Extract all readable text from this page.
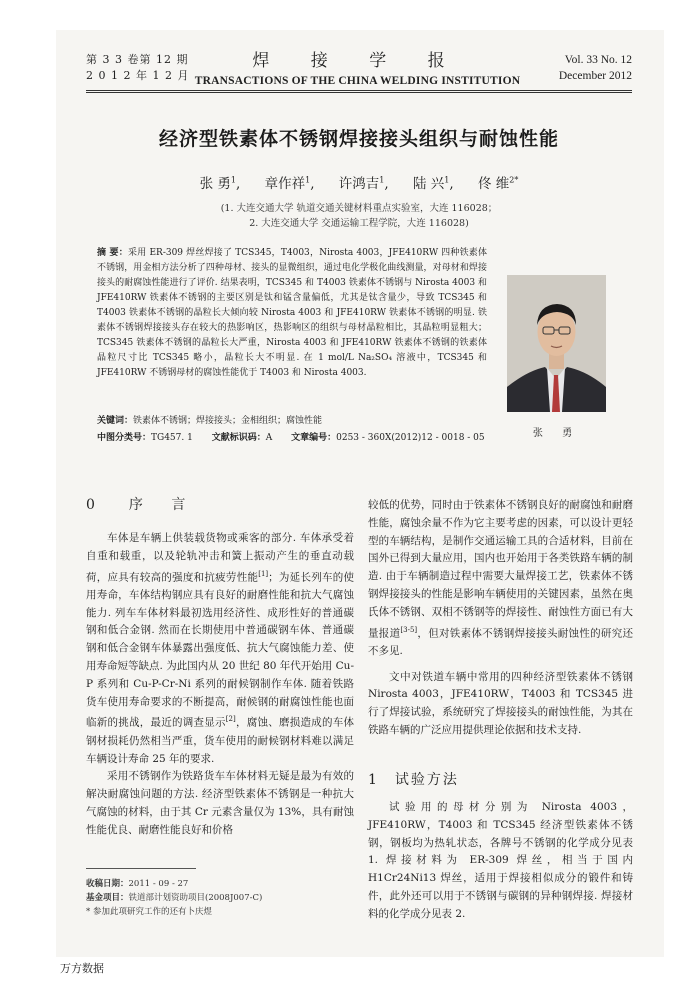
第 3 3 卷第 12 期
2 0 1 2 年 1 2 月
焊 接 学 报
TRANSACTIONS OF THE CHINA WELDING INSTITUTION
Vol. 33 No. 12
December 2012
经济型铁素体不锈钢焊接接头组织与耐蚀性能
张 勇$^1$, 章作祥$^1$, 许鸿吉$^1$, 陆 兴$^1$, 佟 维$^{2*}$
(1. 大连交通大学 轨道交通关键材料重点实验室，大连 116028；
2. 大连交通大学 交通运输工程学院，大连 116028)
摘 要：采用 ER-309 焊丝焊接了 TCS345，T4003，Nirosta 4003，JFE410RW 四种铁素体不锈钢，用金相方法分析了四种母材、接头的显微组织，通过电化学极化曲线测量，对母材和焊接接头的耐腐蚀性能进行了评价. 结果表明，TCS345 和 T4003 铁素体不锈钢与 Nirosta 4003 和 JFE410RW 铁素体不锈钢的主要区别是钛和锰含量偏低，尤其是钛含量少，导致 TCS345 和 T4003 铁素体不锈钢的晶粒长大倾向较 Nirosta 4003 和 JFE410RW 铁素体不锈钢的明显. 铁素体不锈钢焊接接头存在较大的热影响区，热影响区的组织与母材晶粒相比，其晶粒明显粗大；TCS345 铁素体不锈钢的晶粒长大严重，Nirosta 4003 和 JFE410RW 铁素体不锈钢的铁素体晶粒尺寸比 TCS345 略小，晶粒长大不明显. 在 1 mol/L Na₂SO₄ 溶液中，TCS345 和 JFE410RW 不锈钢母材的腐蚀性能优于 T4003 和 Nirosta 4003.
关键词：铁素体不锈钢；焊接接头；金相组织；腐蚀性能
中图分类号：TG457. 1 文献标识码：A 文章编号：0253 - 360X(2012)12 - 0018 - 05	张 勇
0 序 言

车体是车辆上供装载货物或乘客的部分. 车体承受着自重和载重，以及轮轨冲击和簧上振动产生的垂直动载荷，应具有较高的强度和抗疲劳性能[1]；为延长列车的使用寿命，车体结构钢应具有良好的耐磨性能和抗大气腐蚀能力. 列车车体材料最初选用经济性、成形性好的普通碳钢和低合金钢. 然而在长期使用中普通碳钢车体、普通碳钢和低合金钢车体暴露出强度低、抗大气腐蚀能力差、使用寿命短等缺点. 为此国内从 20 世纪 80 年代开始用 Cu-P 系列和 Cu-P-Cr-Ni 系列的耐候钢制作车体. 随着铁路货车使用寿命要求的不断提高，耐候钢的耐腐蚀性能也面临新的挑战，最近的调查显示[2]，腐蚀、磨损造成的车体钢材损耗仍然相当严重，货车使用的耐候钢材料难以满足车辆设计寿命 25 年的要求.

采用不锈钢作为铁路货车车体材料无疑是最为有效的解决耐腐蚀问题的方法. 经济型铁素体不锈钢是一种抗大气腐蚀的材料，由于其 Cr 元素含量仅为 13%，具有耐蚀性能优良、耐磨性能良好和价格

较低的优势，同时由于铁素体不锈钢良好的耐腐蚀和耐磨性能，腐蚀余量不作为它主要考虑的因素，可以设计更轻型的车辆结构，是制作交通运输工具的合适材料，目前在国外已得到大量应用，国内也开始用于各类铁路车辆的制造. 由于车辆制造过程中需要大量焊接工艺，铁素体不锈钢焊接接头的性能是影响车辆使用的关键因素，虽然在奥氏体不锈钢、双相不锈钢等的焊接性、耐蚀性方面已有大量报道[3-5]，但对铁素体不锈钢焊接接头耐蚀性的研究还不多见.

文中对铁道车辆中常用的四种经济型铁素体不锈钢 Nirosta 4003，JFE410RW，T4003 和 TCS345 进行了焊接试验，系统研究了焊接接头的耐蚀性能，为其在铁路车辆的广泛应用提供理论依据和技术支持.

1 试验方法

试验用的母材分别为 Nirosta 4003，JFE410RW，T4003 和 TCS345 经济型铁素体不锈钢，钢板均为热轧状态，各牌号不锈钢的化学成分见表 1. 焊接材料为 ER-309 焊丝，相当于国内 H1Cr24Ni13 焊丝，适用于焊接相似成分的锻件和铸件，此外还可以用于不锈钢与碳钢的异种钢焊接. 焊接材料的化学成分见表 2.

收稿日期：2011 - 09 - 27
基金项目：铁道部计划资助项目(2008J007-C)
* 参加此项研究工作的还有卜庆煜
万方数据
